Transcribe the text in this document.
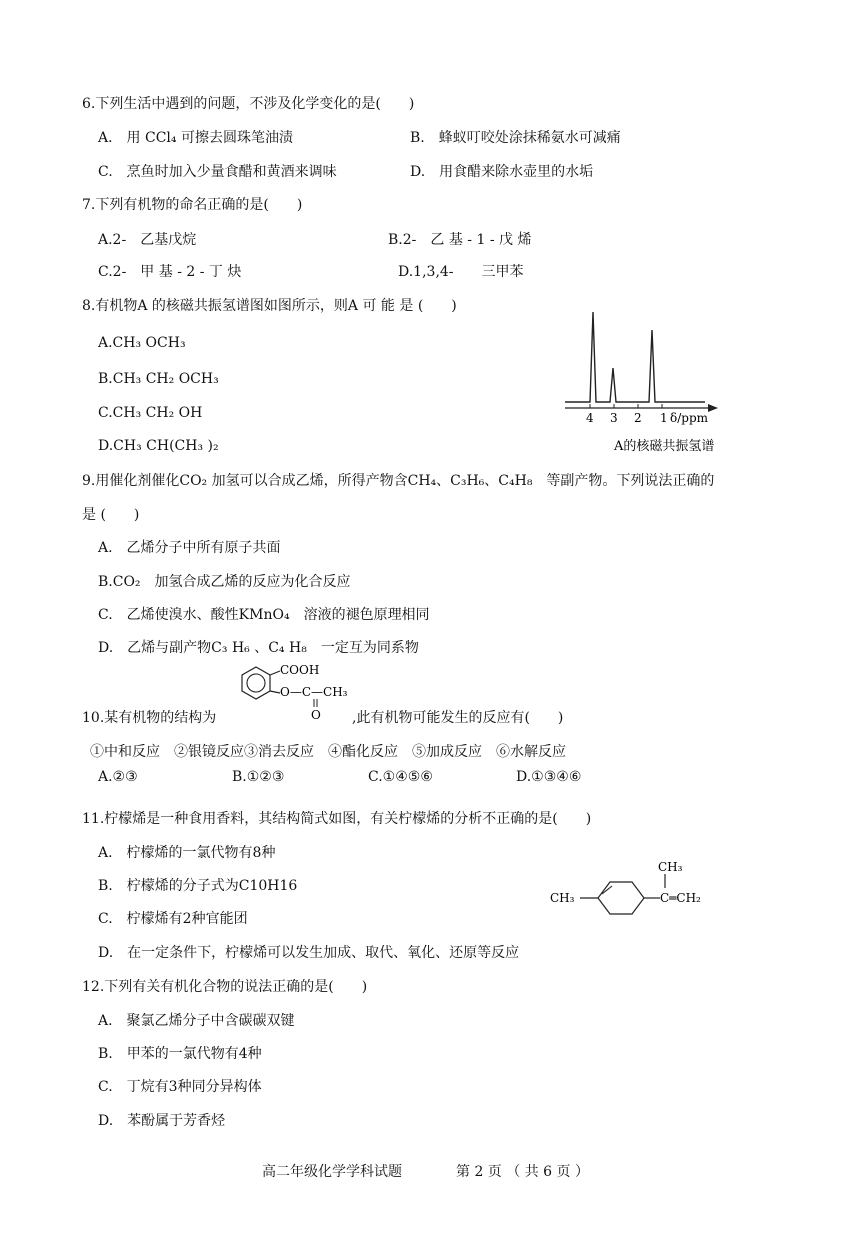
6.下列生活中遇到的问题，不涉及化学变化的是(　　)
A.　用 CCl₄ 可擦去圆珠笔油渍	B.　蜂蚁叮咬处涂抹稀氨水可减痛
C.　烹鱼时加入少量食醋和黄酒来调味	D.　用食醋来除水壶里的水垢
7.下列有机物的命名正确的是(　　)
A.2-　乙基戊烷	B.2-　乙 基 - 1 - 戊 烯
C.2-　甲 基 - 2 - 丁 炔	D.1,3,4-　　三甲苯
8.有机物A 的核磁共振氢谱图如图所示，则A 可 能 是 (　　)
A.CH₃ OCH₃
B.CH₃ CH₂ OCH₃
C.CH₃ CH₂ OH
D.CH₃ CH(CH₃ )₂
4 3 2 1 δ/ppm
A的核磁共振氢谱
9.用催化剂催化CO₂ 加氢可以合成乙烯，所得产物含CH₄、C₃H₆、C₄H₈　等副产物。下列说法正确的
是 (　　)
A.　乙烯分子中所有原子共面
B.CO₂　加氢合成乙烯的反应为化合反应
C.　乙烯使溴水、酸性KMnO₄　溶液的褪色原理相同
D.　乙烯与副产物C₃ H₆ 、C₄ H₈　一定互为同系物
COOH
O—C—CH₃
O
10.某有机物的结构为	,此有机物可能发生的反应有(　　)
①中和反应　②银镜反应③消去反应　④酯化反应　⑤加成反应　⑥水解反应
A.②③	B.①②③	C.①④⑤⑥	D.①③④⑥
11.柠檬烯是一种食用香料，其结构简式如图，有关柠檬烯的分析不正确的是(　　)
A.　柠檬烯的一氯代物有8种
B.　柠檬烯的分子式为C10H16
C.　柠檬烯有2种官能团
D.　在一定条件下，柠檬烯可以发生加成、取代、氧化、还原等反应
CH₃
CH₃
C═CH₂
12.下列有关有机化合物的说法正确的是(　　)
A.　聚氯乙烯分子中含碳碳双键
B.　甲苯的一氯代物有4种
C.　丁烷有3种同分异构体
D.　苯酚属于芳香烃
高二年级化学学科试题	第 2 页 （ 共 6 页 ）
